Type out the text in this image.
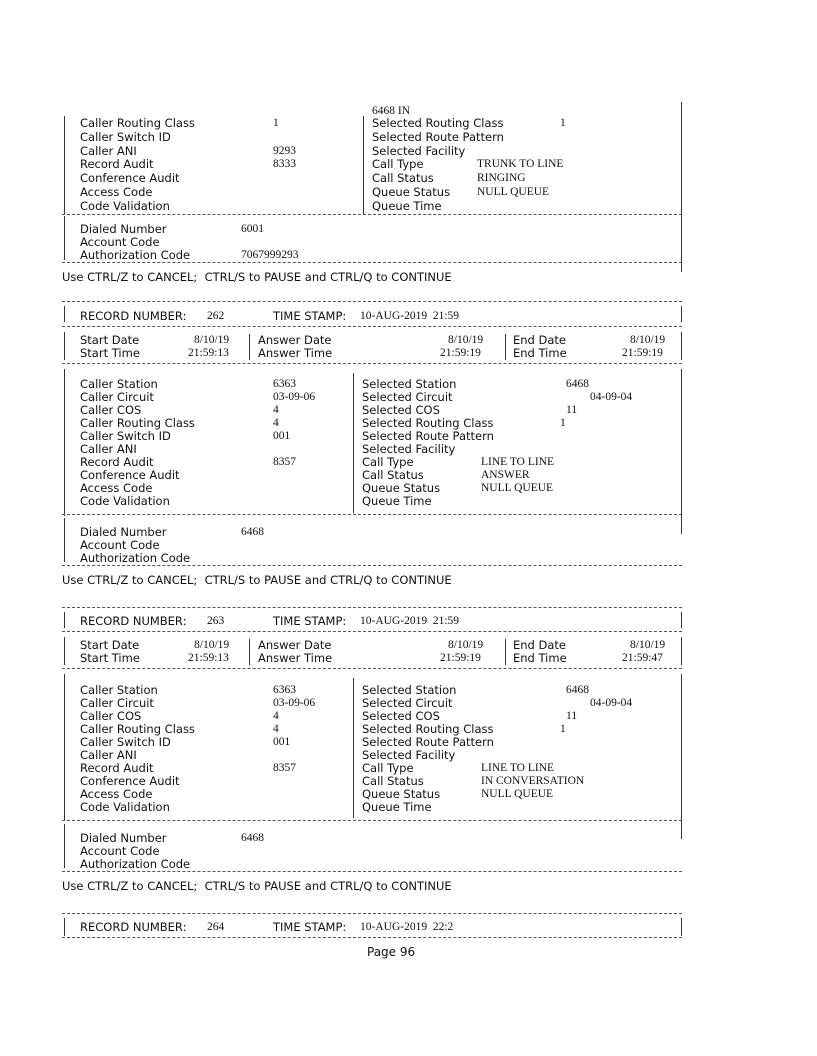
6468 IN
Caller Routing Class	1
Caller Switch ID
Caller ANI	9293
Record Audit	8333
Conference Audit
Access Code
Code Validation
Selected Routing Class	1
Selected Route Pattern
Selected Facility
Call Type	TRUNK TO LINE
Call Status	RINGING
Queue Status NULL QUEUE
Queue Time
Dialed Number	6001
Account Code
Authorization Code	7067999293
Use CTRL/Z to CANCEL;  CTRL/S to PAUSE and CTRL/Q to CONTINUE
RECORD NUMBER: 262	TIME STAMP: 10-AUG-2019  21:59
Start Date	8/10/19	Answer Date	8/10/19	End Date	8/10/19
Start Time	21:59:13	Answer Time	21:59:19	End Time	21:59:19
Caller Station	6363
Caller Circuit	03-09-06
Caller COS	4
Caller Routing Class	4
Caller Switch ID	001
Caller ANI
Record Audit	8357
Conference Audit
Access Code
Code Validation
Selected Station	6468
Selected Circuit	04-09-04
Selected COS	11
Selected Routing Class	1
Selected Route Pattern
Selected Facility
Call Type	LINE TO LINE
Call Status	ANSWER
Queue Status	NULL QUEUE
Queue Time
Dialed Number	6468
Account Code
Authorization Code
Use CTRL/Z to CANCEL;  CTRL/S to PAUSE and CTRL/Q to CONTINUE
RECORD NUMBER: 263	TIME STAMP: 10-AUG-2019  21:59
Start Date	8/10/19	Answer Date	8/10/19	End Date	8/10/19
Start Time	21:59:13	Answer Time	21:59:19	End Time	21:59:47
Caller Station	6363
Caller Circuit	03-09-06
Caller COS	4
Caller Routing Class	4
Caller Switch ID	001
Caller ANI
Record Audit	8357
Conference Audit
Access Code
Code Validation
Selected Station	6468
Selected Circuit	04-09-04
Selected COS	11
Selected Routing Class	1
Selected Route Pattern
Selected Facility
Call Type	LINE TO LINE
Call Status	IN CONVERSATION
Queue Status	NULL QUEUE
Queue Time
Dialed Number	6468
Account Code
Authorization Code
Use CTRL/Z to CANCEL;  CTRL/S to PAUSE and CTRL/Q to CONTINUE
RECORD NUMBER: 264	TIME STAMP: 10-AUG-2019  22:2
Page 96
